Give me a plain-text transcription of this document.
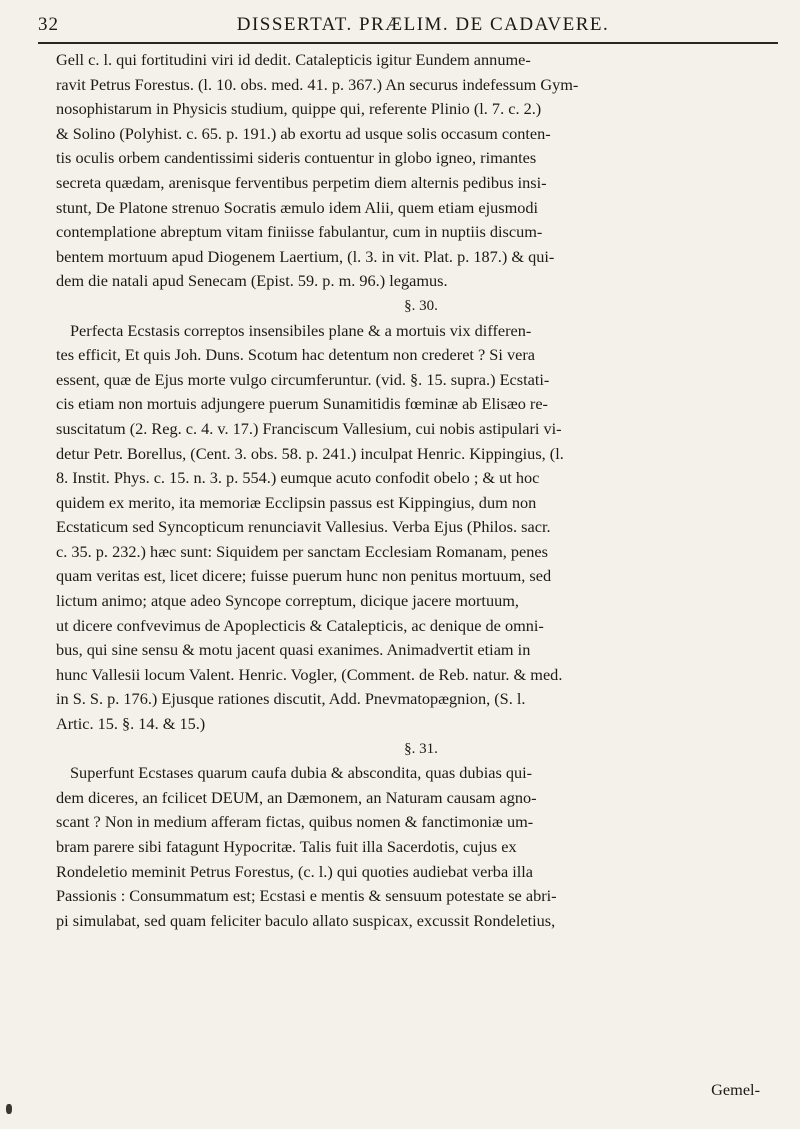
32	DISSERTAT. PRÆLIM. DE CADAVERE.
Gell c. l. qui fortitudini viri id dedit. Catalepticis igitur Eundem annume-
ravit Petrus Forestus. (l. 10. obs. med. 41. p. 367.) An securus indefessum Gym-
nosophistarum in Physicis studium, quippe qui, referente Plinio (l. 7. c. 2.)
& Solino (Polyhist. c. 65. p. 191.) ab exortu ad usque solis occasum conten-
tis oculis orbem candentissimi sideris contuentur in globo igneo, rimantes
secreta quædam, arenisque ferventibus perpetim diem alternis pedibus insi-
stunt, De Platone strenuo Socratis æmulo idem Alii, quem etiam ejusmodi
contemplatione abreptum vitam finiisse fabulantur, cum in nuptiis discum-
bentem mortuum apud Diogenem Laertium, (l. 3. in vit. Plat. p. 187.) & qui-
dem die natali apud Senecam (Epist. 59. p. m. 96.) legamus.
§. 30.
Perfecta Ecstasis correptos insensibiles plane & a mortuis vix differen-
tes efficit, Et quis Joh. Duns. Scotum hac detentum non crederet ? Si vera
essent, quæ de Ejus morte vulgo circumferuntur. (vid. §. 15. supra.) Ecstati-
cis etiam non mortuis adjungere puerum Sunamitidis fœminæ ab Elisæo re-
suscitatum (2. Reg. c. 4. v. 17.) Franciscum Vallesium, cui nobis astipulari vi-
detur Petr. Borellus, (Cent. 3. obs. 58. p. 241.) inculpat Henric. Kippingius, (l.
8. Instit. Phys. c. 15. n. 3. p. 554.) eumque acuto confodit obelo ; & ut hoc
quidem ex merito, ita memoriæ Ecclipsin passus est Kippingius, dum non
Ecstaticum sed Syncopticum renunciavit Vallesius. Verba Ejus (Philos. sacr.
c. 35. p. 232.) hæc sunt: Siquidem per sanctam Ecclesiam Romanam, penes
quam veritas est, licet dicere; fuisse puerum hunc non penitus mortuum, sed
lictum animo; atque adeo Syncope correptum, dicique jacere mortuum,
ut dicere confvevimus de Apoplecticis & Catalepticis, ac denique de omni-
bus, qui sine sensu & motu jacent quasi exanimes. Animadvertit etiam in
hunc Vallesii locum Valent. Henric. Vogler, (Comment. de Reb. natur. & med.
in S. S. p. 176.) Ejusque rationes discutit, Add. Pnevmatopægnion, (S. l.
Artic. 15. §. 14. & 15.)
§. 31.
Superfunt Ecstases quarum caufa dubia & abscondita, quas dubias qui-
dem diceres, an fcilicet DEUM, an Dæmonem, an Naturam causam agno-
scant ? Non in medium afferam fictas, quibus nomen & fanctimoniæ um-
bram parere sibi fatagunt Hypocritæ. Talis fuit illa Sacerdotis, cujus ex
Rondeletio meminit Petrus Forestus, (c. l.) qui quoties audiebat verba illa
Passionis : Consummatum est; Ecstasi e mentis & sensuum potestate se abri-
pi simulabat, sed quam feliciter baculo allato suspicax, excussit Rondeletius,
Gemel-
